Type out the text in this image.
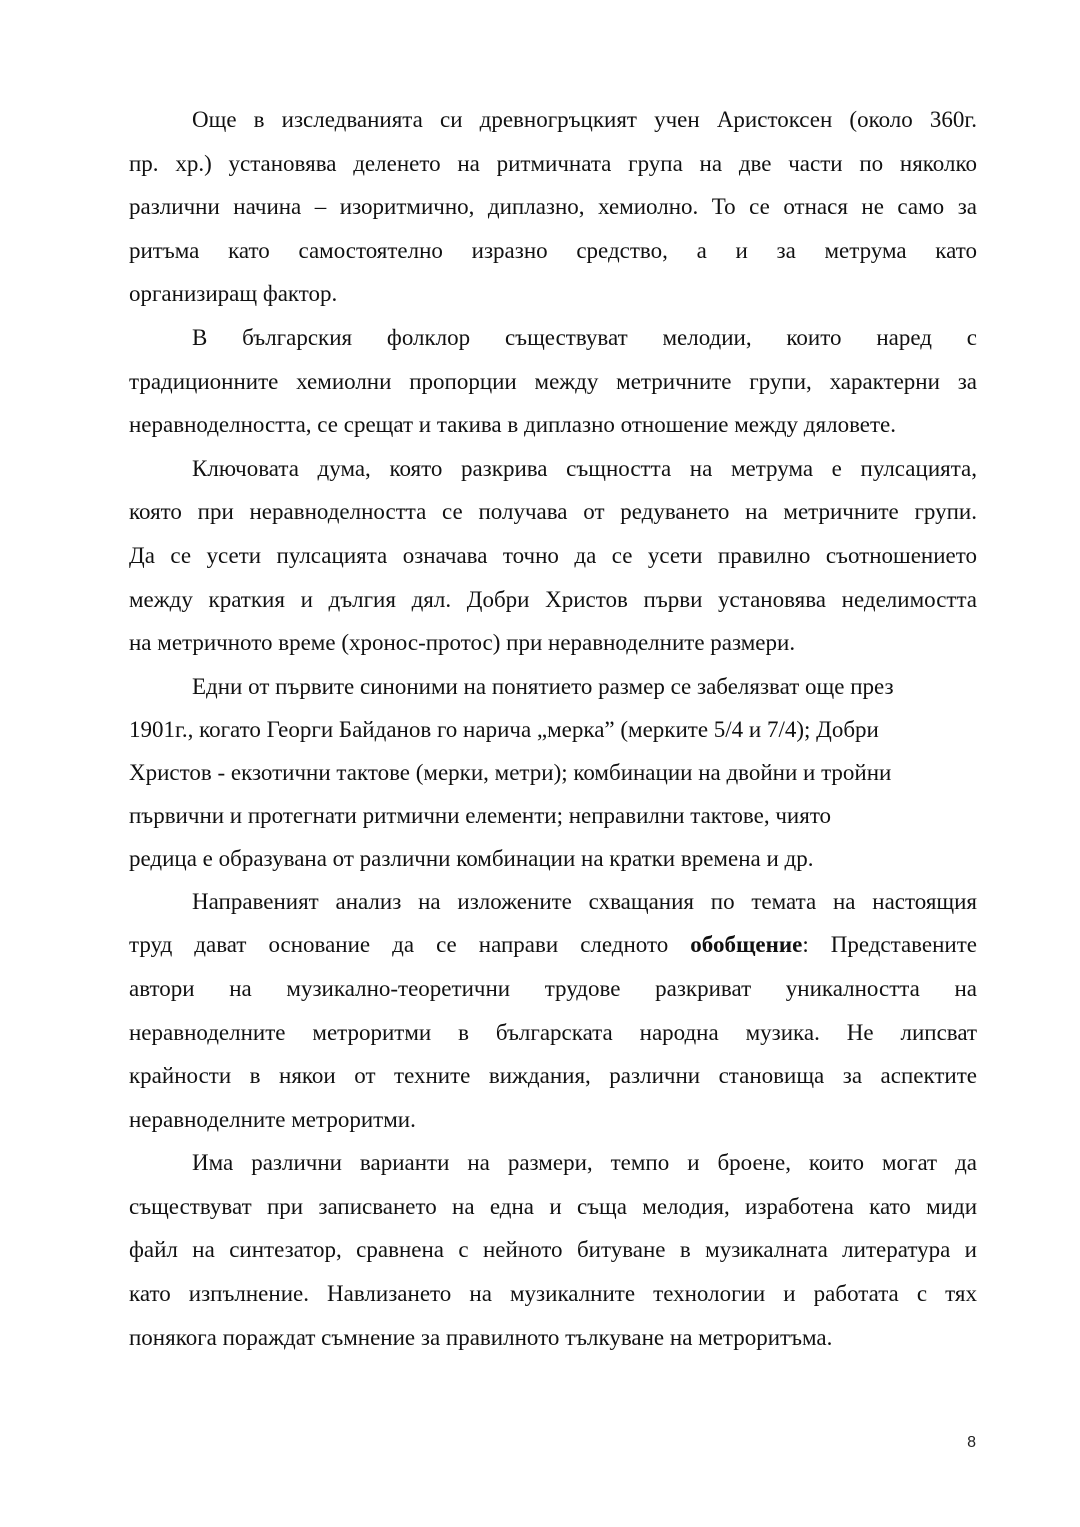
Още в изследванията си древногръцкият учен Аристоксен (около 360г.
пр. хр.) установява деленето на ритмичната група на две части по няколко
различни начина – изоритмично, диплазно, хемиолно. То се отнася не само за
ритъма като самостоятелно изразно средство, а и за метрума като
организиращ фактор.

В българския фолклор съществуват мелодии, които наред с
традиционните хемиолни пропорции между метричните групи, характерни за
неравноделността, се срещат и такива в диплазно отношение между дяловете.

Ключовата дума, която разкрива същността на метрума е пулсацията,
която при неравноделността се получава от редуването на метричните групи.
Да се усети пулсацията означава точно да се усети правилно съотношението
между краткия и дългия дял. Добри Христов първи установява неделимостта
на метричното време (хронос-протос) при неравноделните размери.

Едни от първите синоними на понятието размер се забелязват още през
1901г., когато Георги Байданов го нарича „мерка” (мерките 5/4 и 7/4); Добри
Христов - екзотични тактове (мерки, метри); комбинации на двойни и тройни
първични и протегнати ритмични елементи; неправилни тактове, чиято
редица е образувана от различни комбинации на кратки времена и др.

Направеният анализ на изложените схващания по темата на настоящия
труд дават основание да се направи следното обобщение: Представените
автори на музикално-теоретични трудове разкриват уникалността на
неравноделните метроритми в българската народна музика. Не липсват
крайности в някои от техните виждания, различни становища за аспектите
неравноделните метроритми.

Има различни варианти на размери, темпо и броене, които могат да
съществуват при записването на една и съща мелодия, изработена като миди
файл на синтезатор, сравнена с нейното битуване в музикалната литература и
като изпълнение. Навлизането на музикалните технологии и работата с тях
понякога пораждат съмнение за правилното тълкуване на метроритъма.

8
